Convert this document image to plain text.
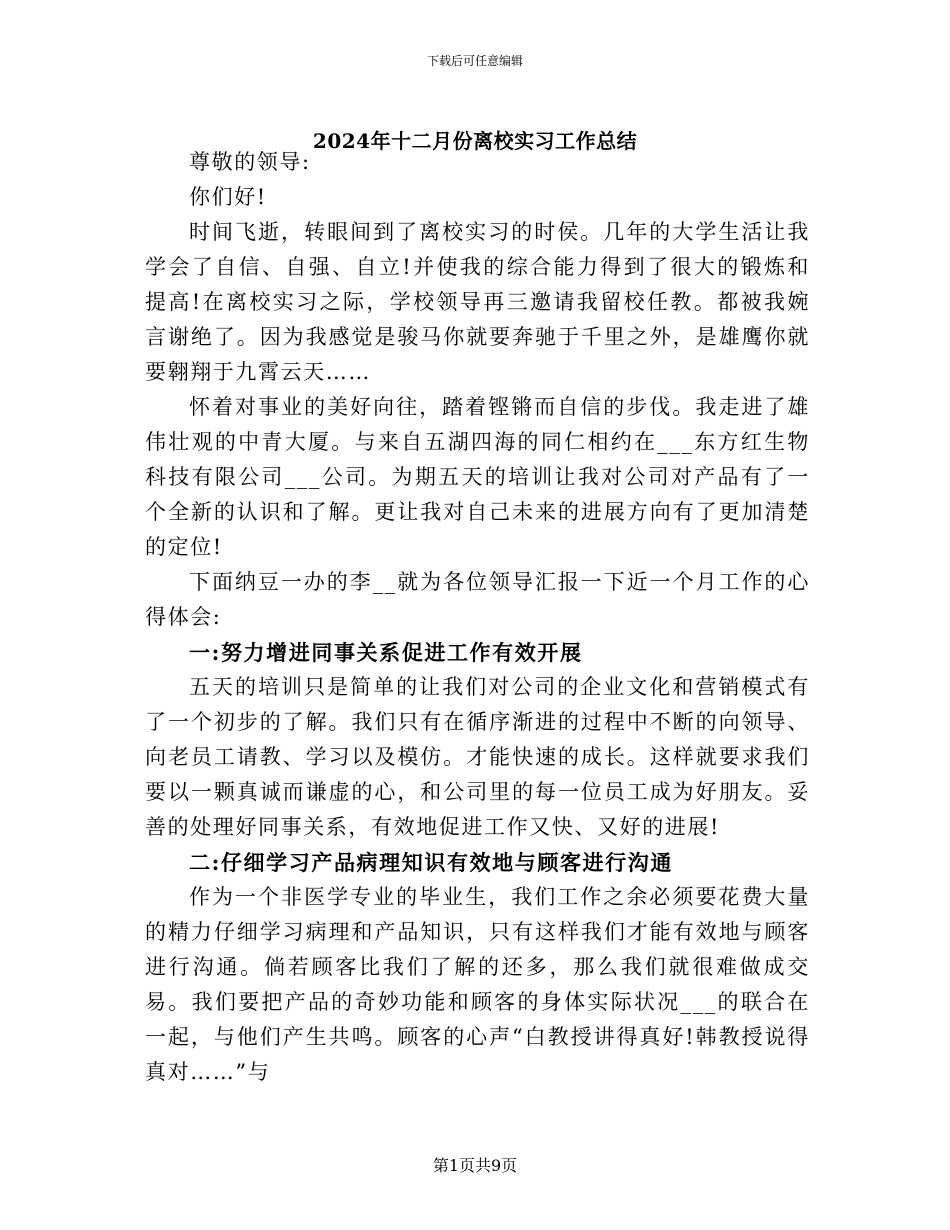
下载后可任意编辑
2024年十二月份离校实习工作总结

尊敬的领导:

你们好!

时间飞逝，转眼间到了离校实习的时侯。几年的大学生活让我学会了自信、自强、自立!并使我的综合能力得到了很大的锻炼和提高!在离校实习之际，学校领导再三邀请我留校任教。都被我婉言谢绝了。因为我感觉是骏马你就要奔驰于千里之外，是雄鹰你就要翱翔于九霄云天……

怀着对事业的美好向往，踏着铿锵而自信的步伐。我走进了雄伟壮观的中青大厦。与来自五湖四海的同仁相约在___东方红生物科技有限公司___公司。为期五天的培训让我对公司对产品有了一个全新的认识和了解。更让我对自己未来的进展方向有了更加清楚的定位!

下面纳豆一办的李__就为各位领导汇报一下近一个月工作的心得体会:

一:努力增进同事关系促进工作有效开展

五天的培训只是简单的让我们对公司的企业文化和营销模式有了一个初步的了解。我们只有在循序渐进的过程中不断的向领导、向老员工请教、学习以及模仿。才能快速的成长。这样就要求我们要以一颗真诚而谦虚的心，和公司里的每一位员工成为好朋友。妥善的处理好同事关系，有效地促进工作又快、又好的进展!

二:仔细学习产品病理知识有效地与顾客进行沟通

作为一个非医学专业的毕业生，我们工作之余必须要花费大量的精力仔细学习病理和产品知识，只有这样我们才能有效地与顾客进行沟通。倘若顾客比我们了解的还多，那么我们就很难做成交易。我们要把产品的奇妙功能和顾客的身体实际状况___的联合在一起，与他们产生共鸣。顾客的心声“白教授讲得真好!韩教授说得真对……”与

第1页共9页
